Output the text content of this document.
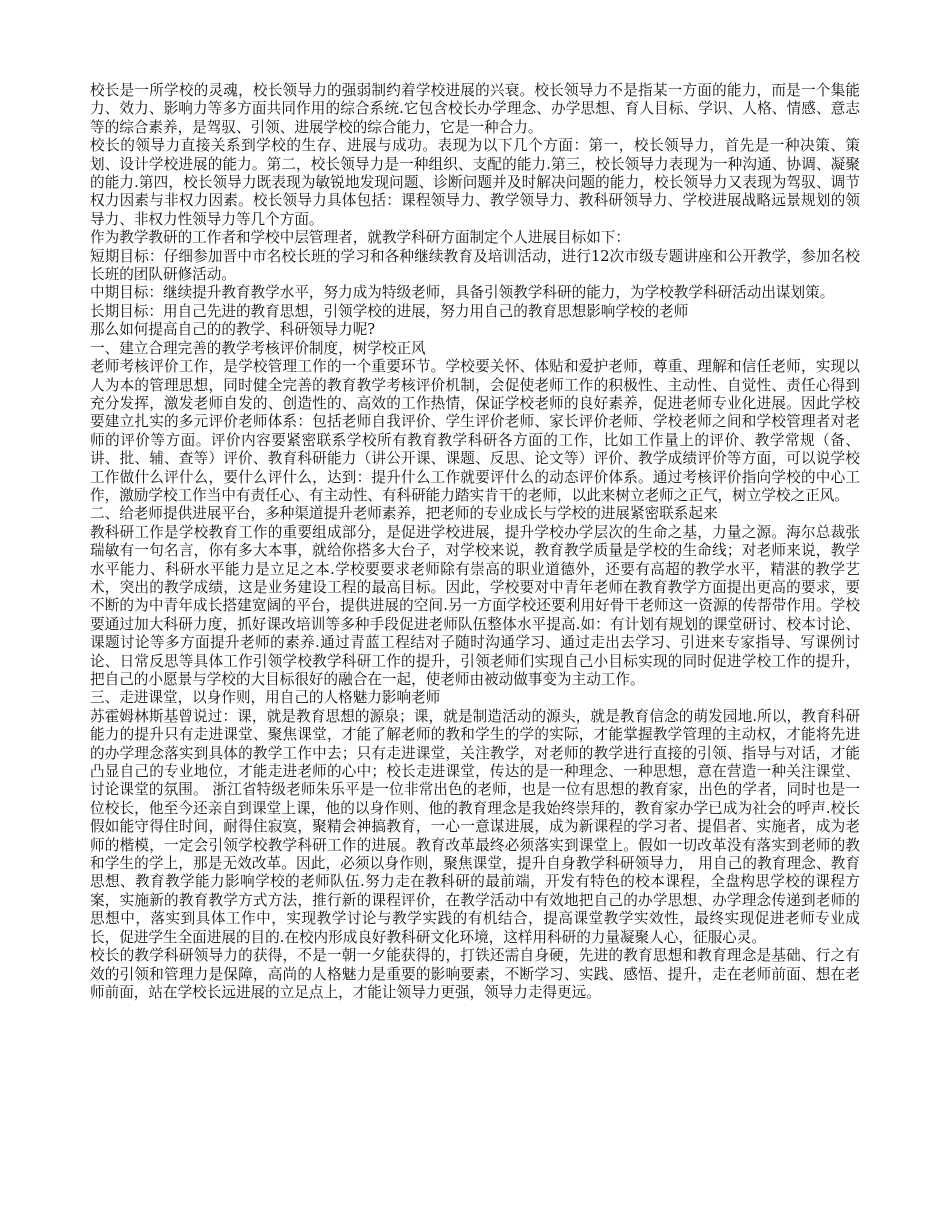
校长是一所学校的灵魂，校长领导力的强弱制约着学校进展的兴衰。校长领导力不是指某一方面的能力，而是一个集能力、效力、影响力等多方面共同作用的综合系统.它包含校长办学理念、办学思想、育人目标、学识、人格、情感、意志等的综合素养，是驾驭、引领、进展学校的综合能力，它是一种合力。

校长的领导力直接关系到学校的生存、进展与成功。表现为以下几个方面：第一，校长领导力，首先是一种决策、策划、设计学校进展的能力。第二，校长领导力是一种组织、支配的能力.第三，校长领导力表现为一种沟通、协调、凝聚的能力.第四，校长领导力既表现为敏锐地发现问题、诊断问题并及时解决问题的能力，校长领导力又表现为驾驭、调节权力因素与非权力因素。校长领导力具体包括：课程领导力、教学领导力、教科研领导力、学校进展战略远景规划的领导力、非权力性领导力等几个方面。

作为教学教研的工作者和学校中层管理者，就教学科研方面制定个人进展目标如下：

短期目标：仔细参加晋中市名校长班的学习和各种继续教育及培训活动，进行12次市级专题讲座和公开教学，参加名校长班的团队研修活动。

中期目标：继续提升教育教学水平，努力成为特级老师，具备引领教学科研的能力，为学校教学科研活动出谋划策。

长期目标：用自己先进的教育思想，引领学校的进展，努力用自己的教育思想影响学校的老师

那么如何提高自己的的教学、科研领导力呢?

一、建立合理完善的教学考核评价制度，树学校正风

老师考核评价工作，是学校管理工作的一个重要环节。学校要关怀、体贴和爱护老师，尊重、理解和信任老师，实现以人为本的管理思想，同时健全完善的教育教学考核评价机制，会促使老师工作的积极性、主动性、自觉性、责任心得到充分发挥，激发老师自发的、创造性的、高效的工作热情，保证学校老师的良好素养，促进老师专业化进展。因此学校要建立扎实的多元评价老师体系：包括老师自我评价、学生评价老师、家长评价老师、学校老师之间和学校管理者对老师的评价等方面。评价内容要紧密联系学校所有教育教学科研各方面的工作，比如工作量上的评价、教学常规（备、讲、批、辅、查等）评价、教育科研能力（讲公开课、课题、反思、论文等）评价、教学成绩评价等方面，可以说学校工作做什么评什么，要什么评什么，达到：提升什么工作就要评什么的动态评价体系。通过考核评价指向学校的中心工作，激励学校工作当中有责任心、有主动性、有科研能力踏实肯干的老师，以此来树立老师之正气，树立学校之正风。

二、给老师提供进展平台，多种渠道提升老师素养，把老师的专业成长与学校的进展紧密联系起来

教科研工作是学校教育工作的重要组成部分，是促进学校进展，提升学校办学层次的生命之基，力量之源。海尔总裁张瑞敏有一句名言，你有多大本事，就给你搭多大台子，对学校来说，教育教学质量是学校的生命线；对老师来说，教学水平能力、科研水平能力是立足之本.学校要要求老师除有崇高的职业道德外，还要有高超的教学水平，精湛的教学艺术，突出的教学成绩，这是业务建设工程的最高目标。因此，学校要对中青年老师在教育教学方面提出更高的要求，要不断的为中青年成长搭建宽阔的平台，提供进展的空间.另一方面学校还要利用好骨干老师这一资源的传帮带作用。学校要通过加大科研力度，抓好课改培训等多种手段促进老师队伍整体水平提高.如：有计划有规划的课堂研讨、校本讨论、课题讨论等多方面提升老师的素养.通过青蓝工程结对子随时沟通学习、通过走出去学习、引进来专家指导、写课例讨论、日常反思等具体工作引领学校教学科研工作的提升，引领老师们实现自己小目标实现的同时促进学校工作的提升，把自己的小愿景与学校的大目标很好的融合在一起，使老师由被动做事变为主动工作。

三、走进课堂，以身作则，用自己的人格魅力影响老师

苏霍姆林斯基曾说过：课，就是教育思想的源泉；课，就是制造活动的源头，就是教育信念的萌发园地.所以，教育科研能力的提升只有走进课堂、聚焦课堂，才能了解老师的教和学生的学的实际，才能掌握教学管理的主动权，才能将先进的办学理念落实到具体的教学工作中去；只有走进课堂，关注教学，对老师的教学进行直接的引领、指导与对话，才能凸显自己的专业地位，才能走进老师的心中；校长走进课堂，传达的是一种理念、一种思想，意在营造一种关注课堂、讨论课堂的氛围。 浙江省特级老师朱乐平是一位非常出色的老师，也是一位有思想的教育家，出色的学者，同时也是一位校长，他至今还亲自到课堂上课，他的以身作则、他的教育理念是我始终崇拜的，教育家办学已成为社会的呼声.校长假如能守得住时间，耐得住寂寞，聚精会神搞教育，一心一意谋进展，成为新课程的学习者、提倡者、实施者，成为老师的楷模，一定会引领学校教学科研工作的进展。教育改革最终必须落实到课堂上。假如一切改革没有落实到老师的教和学生的学上，那是无效改革。因此，必须以身作则，聚焦课堂，提升自身教学科研领导力， 用自己的教育理念、教育思想、教育教学能力影响学校的老师队伍.努力走在教科研的最前端，开发有特色的校本课程，全盘构思学校的课程方案，实施新的教育教学方式方法，推行新的课程评价，在教学活动中有效地把自己的办学思想、办学理念传递到老师的思想中，落实到具体工作中，实现教学讨论与教学实践的有机结合，提高课堂教学实效性，最终实现促进老师专业成长，促进学生全面进展的目的.在校内形成良好教科研文化环境，这样用科研的力量凝聚人心，征服心灵。

校长的教学科研领导力的获得，不是一朝一夕能获得的，打铁还需自身硬，先进的教育思想和教育理念是基础、行之有效的引领和管理力是保障，高尚的人格魅力是重要的影响要素，不断学习、实践、感悟、提升，走在老师前面、想在老师前面，站在学校长远进展的立足点上，才能让领导力更强，领导力走得更远。
